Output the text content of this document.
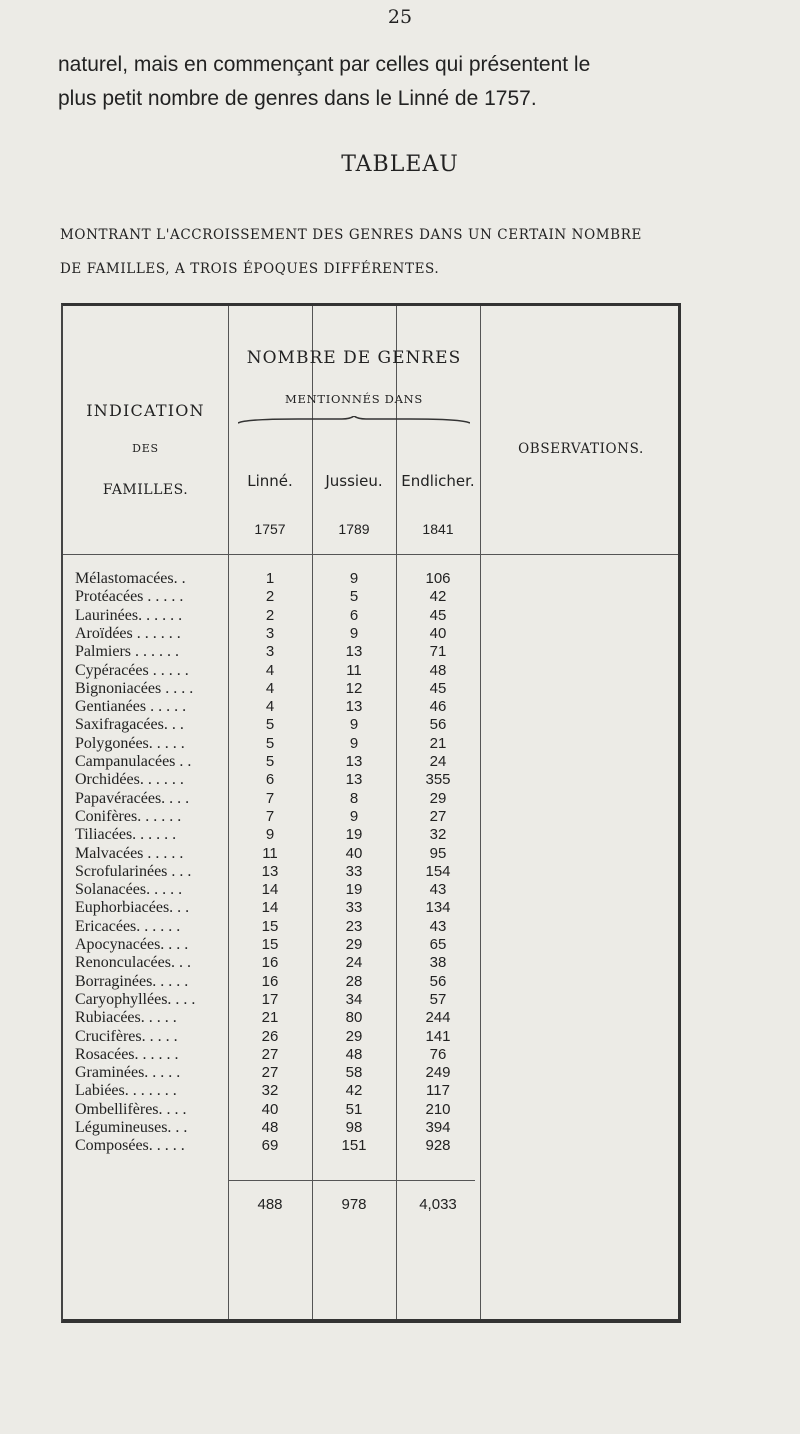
25
naturel, mais en commençant par celles qui présentent le
plus petit nombre de genres dans le Linné de 1757.
TABLEAU
MONTRANT L'ACCROISSEMENT DES GENRES DANS UN CERTAIN NOMBRE
DE FAMILLES, A TROIS ÉPOQUES DIFFÉRENTES.
INDICATION
DES
FAMILLES.
NOMBRE DE GENRES
MENTIONNÉS DANS
Linné.	Jussieu.	Endlicher.
1757	1789	1841
OBSERVATIONS.
Mélastomacées. .	1	9	106
Protéacées . . . . .	2	5	42
Laurinées. . . . . .	2	6	45
Aroïdées . . . . . .	3	9	40
Palmiers . . . . . .	3	13	71
Cypéracées . . . . .	4	11	48
Bignoniacées . . . .	4	12	45
Gentianées . . . . .	4	13	46
Saxifragacées. . .	5	9	56
Polygonées. . . . .	5	9	21
Campanulacées . .	5	13	24
Orchidées. . . . . .	6	13	355
Papavéracées. . . .	7	8	29
Conifères. . . . . .	7	9	27
Tiliacées. . . . . .	9	19	32
Malvacées . . . . .	11	40	95
Scrofularinées . . .	13	33	154
Solanacées. . . . .	14	19	43
Euphorbiacées. . .	14	33	134
Ericacées. . . . . .	15	23	43
Apocynacées. . . .	15	29	65
Renonculacées. . .	16	24	38
Borraginées. . . . .	16	28	56
Caryophyllées. . . .	17	34	57
Rubiacées. . . . .	21	80	244
Crucifères. . . . .	26	29	141
Rosacées. . . . . .	27	48	76
Graminées. . . . .	27	58	249
Labiées. . . . . . .	32	42	117
Ombellifères. . . .	40	51	210
Légumineuses. . .	48	98	394
Composées. . . . .	69	151	928
488	978	4,033
